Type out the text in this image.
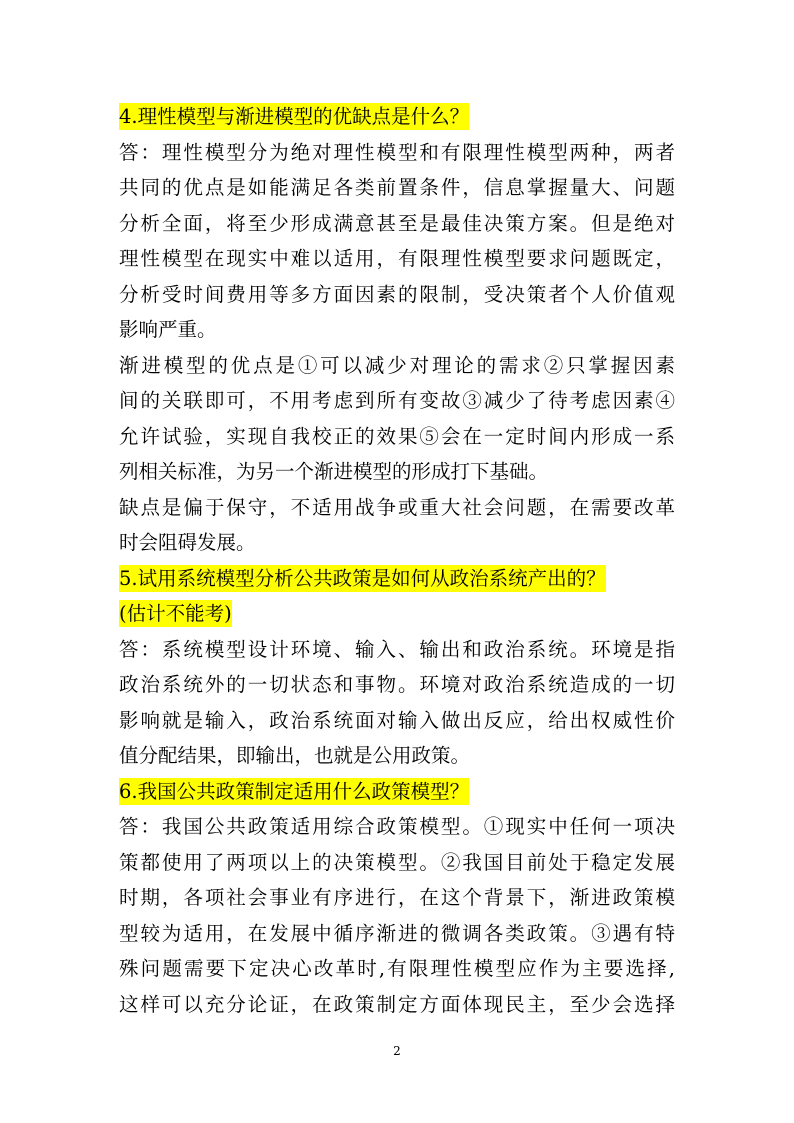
4.理性模型与渐进模型的优缺点是什么？
答：理性模型分为绝对理性模型和有限理性模型两种，两者
共同的优点是如能满足各类前置条件，信息掌握量大、问题
分析全面，将至少形成满意甚至是最佳决策方案。但是绝对
理性模型在现实中难以适用，有限理性模型要求问题既定，
分析受时间费用等多方面因素的限制，受决策者个人价值观
影响严重。
渐进模型的优点是①可以减少对理论的需求②只掌握因素
间的关联即可，不用考虑到所有变故③减少了待考虑因素④
允许试验，实现自我校正的效果⑤会在一定时间内形成一系
列相关标准，为另一个渐进模型的形成打下基础。
缺点是偏于保守，不适用战争或重大社会问题，在需要改革
时会阻碍发展。
5.试用系统模型分析公共政策是如何从政治系统产出的？
(估计不能考)
答：系统模型设计环境、输入、输出和政治系统。环境是指
政治系统外的一切状态和事物。环境对政治系统造成的一切
影响就是输入，政治系统面对输入做出反应，给出权威性价
值分配结果，即输出，也就是公用政策。
6.我国公共政策制定适用什么政策模型？
答：我国公共政策适用综合政策模型。①现实中任何一项决
策都使用了两项以上的决策模型。②我国目前处于稳定发展
时期，各项社会事业有序进行，在这个背景下，渐进政策模
型较为适用，在发展中循序渐进的微调各类政策。③遇有特
殊问题需要下定决心改革时,有限理性模型应作为主要选择,
这样可以充分论证，在政策制定方面体现民主，至少会选择
2
